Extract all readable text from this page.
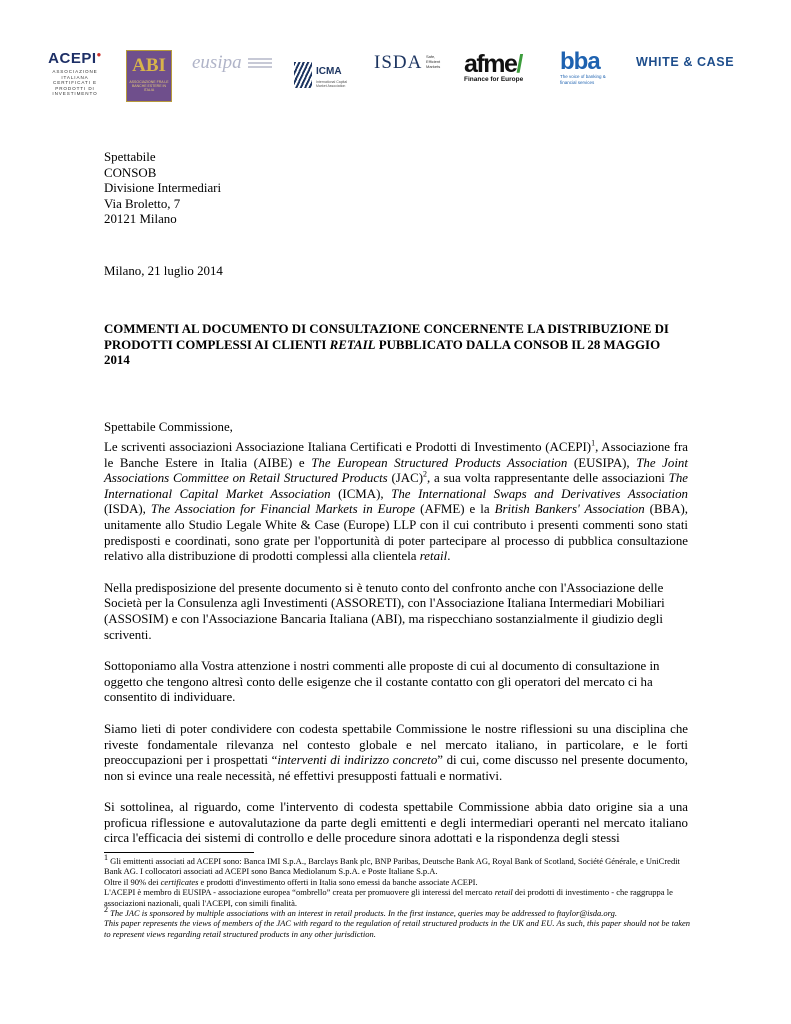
ACEPI●
ASSOCIAZIONE
ITALIANA
CERTIFICATI E
PRODOTTI DI
INVESTIMENTO
ABI
ASSOCIAZIONE FRA LE BANCHE ESTERE IN ITALIA
eusipa	ICMA
International Capital Market Association
ISDA Safe, Efficient Markets afme/
Finance for Europe
bba
The voice of banking & financial services
WHITE & CASE
Spettabile
CONSOB
Divisione Intermediari
Via Broletto, 7
20121 Milano
Milano, 21 luglio 2014
COMMENTI AL DOCUMENTO DI CONSULTAZIONE CONCERNENTE LA DISTRIBUZIONE DI PRODOTTI COMPLESSI AI CLIENTI RETAIL PUBBLICATO DALLA CONSOB IL 28 MAGGIO 2014
Spettabile Commissione,

Le scriventi associazioni Associazione Italiana Certificati e Prodotti di Investimento (ACEPI)$^1$, Associazione fra le Banche Estere in Italia (AIBE) e The European Structured Products Association (EUSIPA), The Joint Associations Committee on Retail Structured Products (JAC)$^2$, a sua volta rappresentante delle associazioni The International Capital Market Association (ICMA), The International Swaps and Derivatives Association (ISDA), The Association for Financial Markets in Europe (AFME) e la British Bankers' Association (BBA), unitamente allo Studio Legale White & Case (Europe) LLP con il cui contributo i presenti commenti sono stati predisposti e coordinati, sono grate per l'opportunità di poter partecipare al processo di pubblica consultazione relativo alla distribuzione di prodotti complessi alla clientela retail.

Nella predisposizione del presente documento si è tenuto conto del confronto anche con l'Associazione delle Società per la Consulenza agli Investimenti (ASSORETI), con l'Associazione Italiana Intermediari Mobiliari (ASSOSIM) e con l'Associazione Bancaria Italiana (ABI), ma rispecchiano sostanzialmente il giudizio degli scriventi.

Sottoponiamo alla Vostra attenzione i nostri commenti alle proposte di cui al documento di consultazione in oggetto che tengono altresì conto delle esigenze che il costante contatto con gli operatori del mercato ci ha consentito di individuare.

Siamo lieti di poter condividere con codesta spettabile Commissione le nostre riflessioni su una disciplina che riveste fondamentale rilevanza nel contesto globale e nel mercato italiano, in particolare, e le forti preoccupazioni per i prospettati “interventi di indirizzo concreto” di cui, come discusso nel presente documento, non si evince una reale necessità, né effettivi presupposti fattuali e normativi.

Si sottolinea, al riguardo, come l'intervento di codesta spettabile Commissione abbia dato origine sia a una proficua riflessione e autovalutazione da parte degli emittenti e degli intermediari operanti nel mercato italiano circa l'efficacia dei sistemi di controllo e delle procedure sinora adottati e la rispondenza degli stessi

$^1$ Gli emittenti associati ad ACEPI sono: Banca IMI S.p.A., Barclays Bank plc, BNP Paribas, Deutsche Bank AG, Royal Bank of Scotland, Société Générale, e UniCredit Bank AG. I collocatori associati ad ACEPI sono Banca Mediolanum S.p.A. e Poste Italiane S.p.A.

Oltre il 90% dei certificates e prodotti d'investimento offerti in Italia sono emessi da banche associate ACEPI.

L'ACEPI è membro di EUSIPA - associazione europea “ombrello” creata per promuovere gli interessi del mercato retail dei prodotti di investimento - che raggruppa le associazioni nazionali, quali l'ACEPI, con simili finalità.

$^2$ The JAC is sponsored by multiple associations with an interest in retail products. In the first instance, queries may be addressed to ftaylor@isda.org.

This paper represents the views of members of the JAC with regard to the regulation of retail structured products in the UK and EU. As such, this paper should not be taken to represent views regarding retail structured products in any other jurisdiction.
